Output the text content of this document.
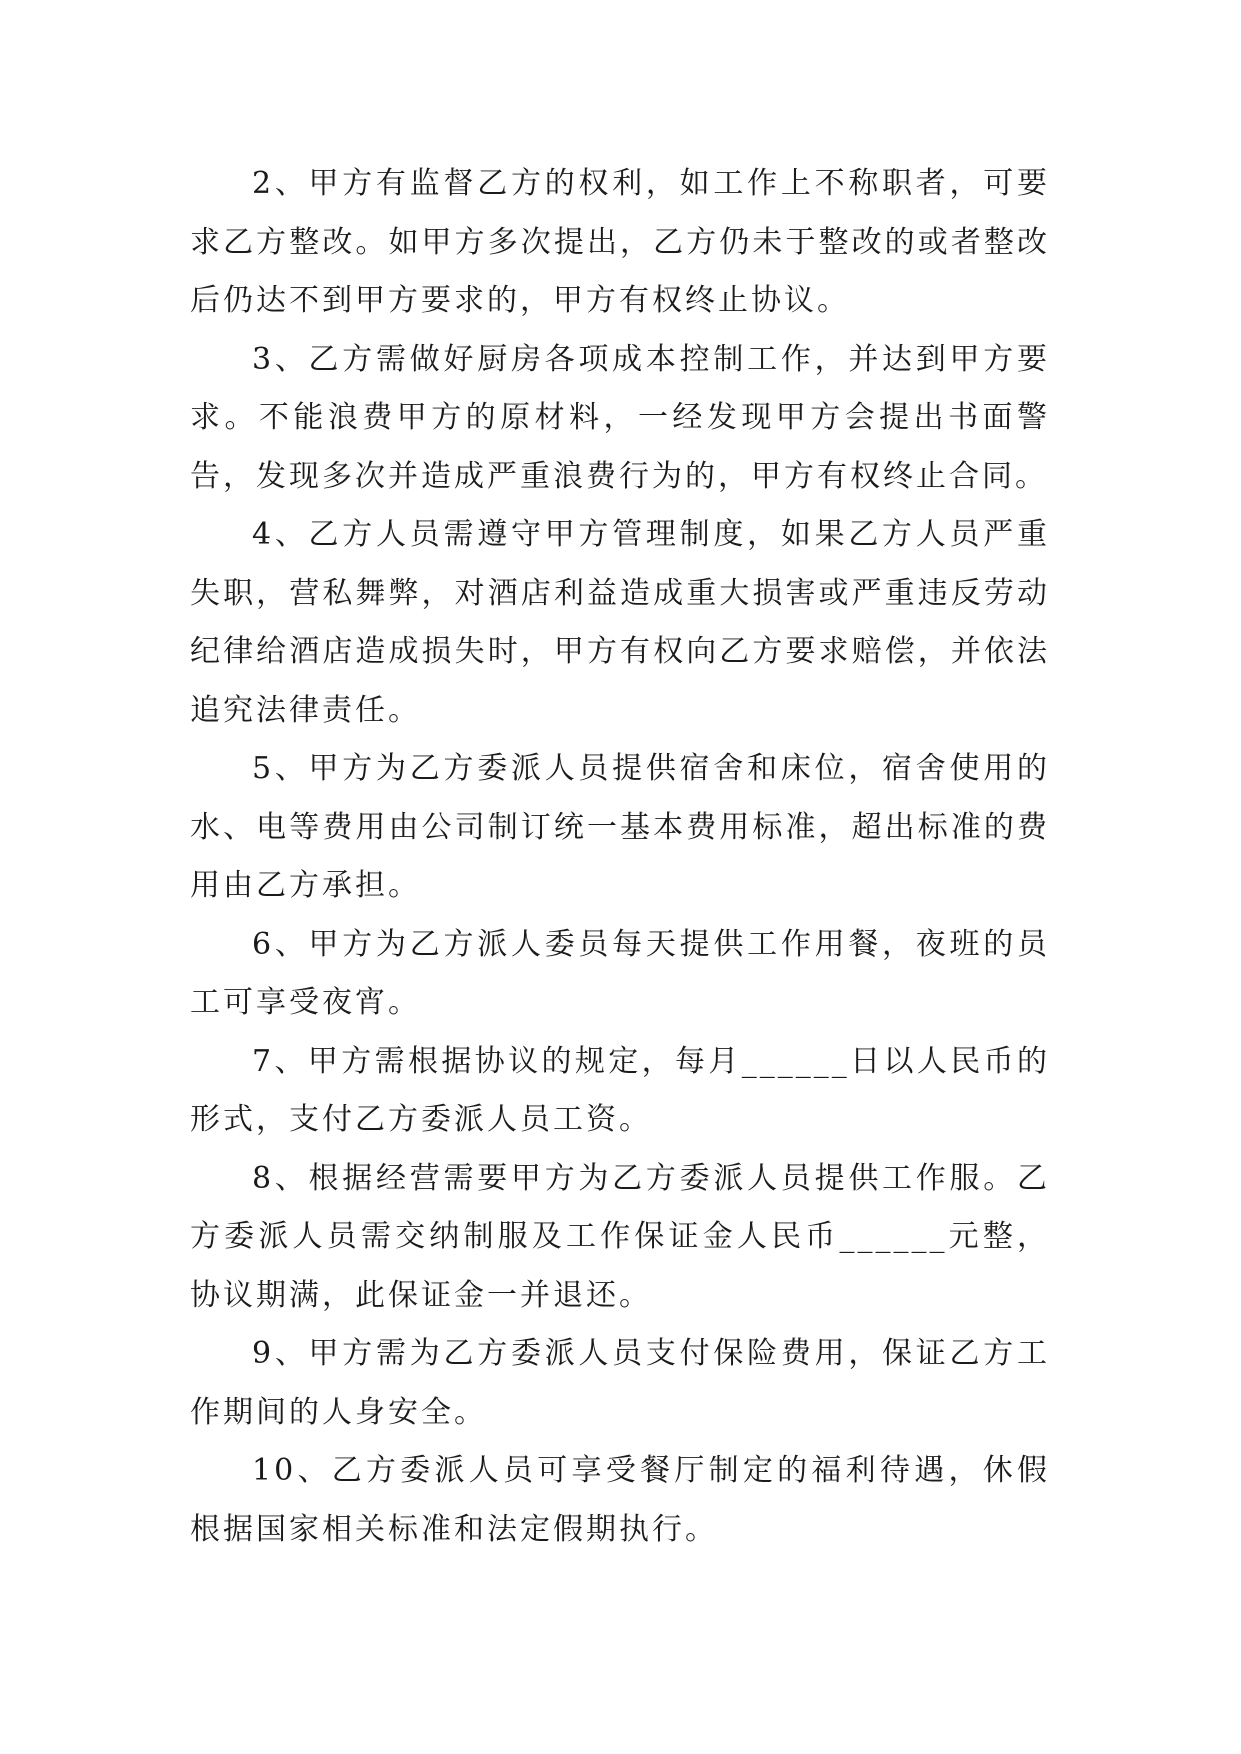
2、甲方有监督乙方的权利，如工作上不称职者，可要求乙方整改。如甲方多次提出，乙方仍未于整改的或者整改后仍达不到甲方要求的，甲方有权终止协议。

3、乙方需做好厨房各项成本控制工作，并达到甲方要求。不能浪费甲方的原材料，一经发现甲方会提出书面警告，发现多次并造成严重浪费行为的，甲方有权终止合同。

4、乙方人员需遵守甲方管理制度，如果乙方人员严重失职，营私舞弊，对酒店利益造成重大损害或严重违反劳动纪律给酒店造成损失时，甲方有权向乙方要求赔偿，并依法追究法律责任。

5、甲方为乙方委派人员提供宿舍和床位，宿舍使用的水、电等费用由公司制订统一基本费用标准，超出标准的费用由乙方承担。

6、甲方为乙方派人委员每天提供工作用餐，夜班的员工可享受夜宵。

7、甲方需根据协议的规定，每月______日以人民币的形式，支付乙方委派人员工资。

8、根据经营需要甲方为乙方委派人员提供工作服。乙方委派人员需交纳制服及工作保证金人民币______元整，协议期满，此保证金一并退还。

9、甲方需为乙方委派人员支付保险费用，保证乙方工作期间的人身安全。

10、乙方委派人员可享受餐厅制定的福利待遇，休假根据国家相关标准和法定假期执行。
